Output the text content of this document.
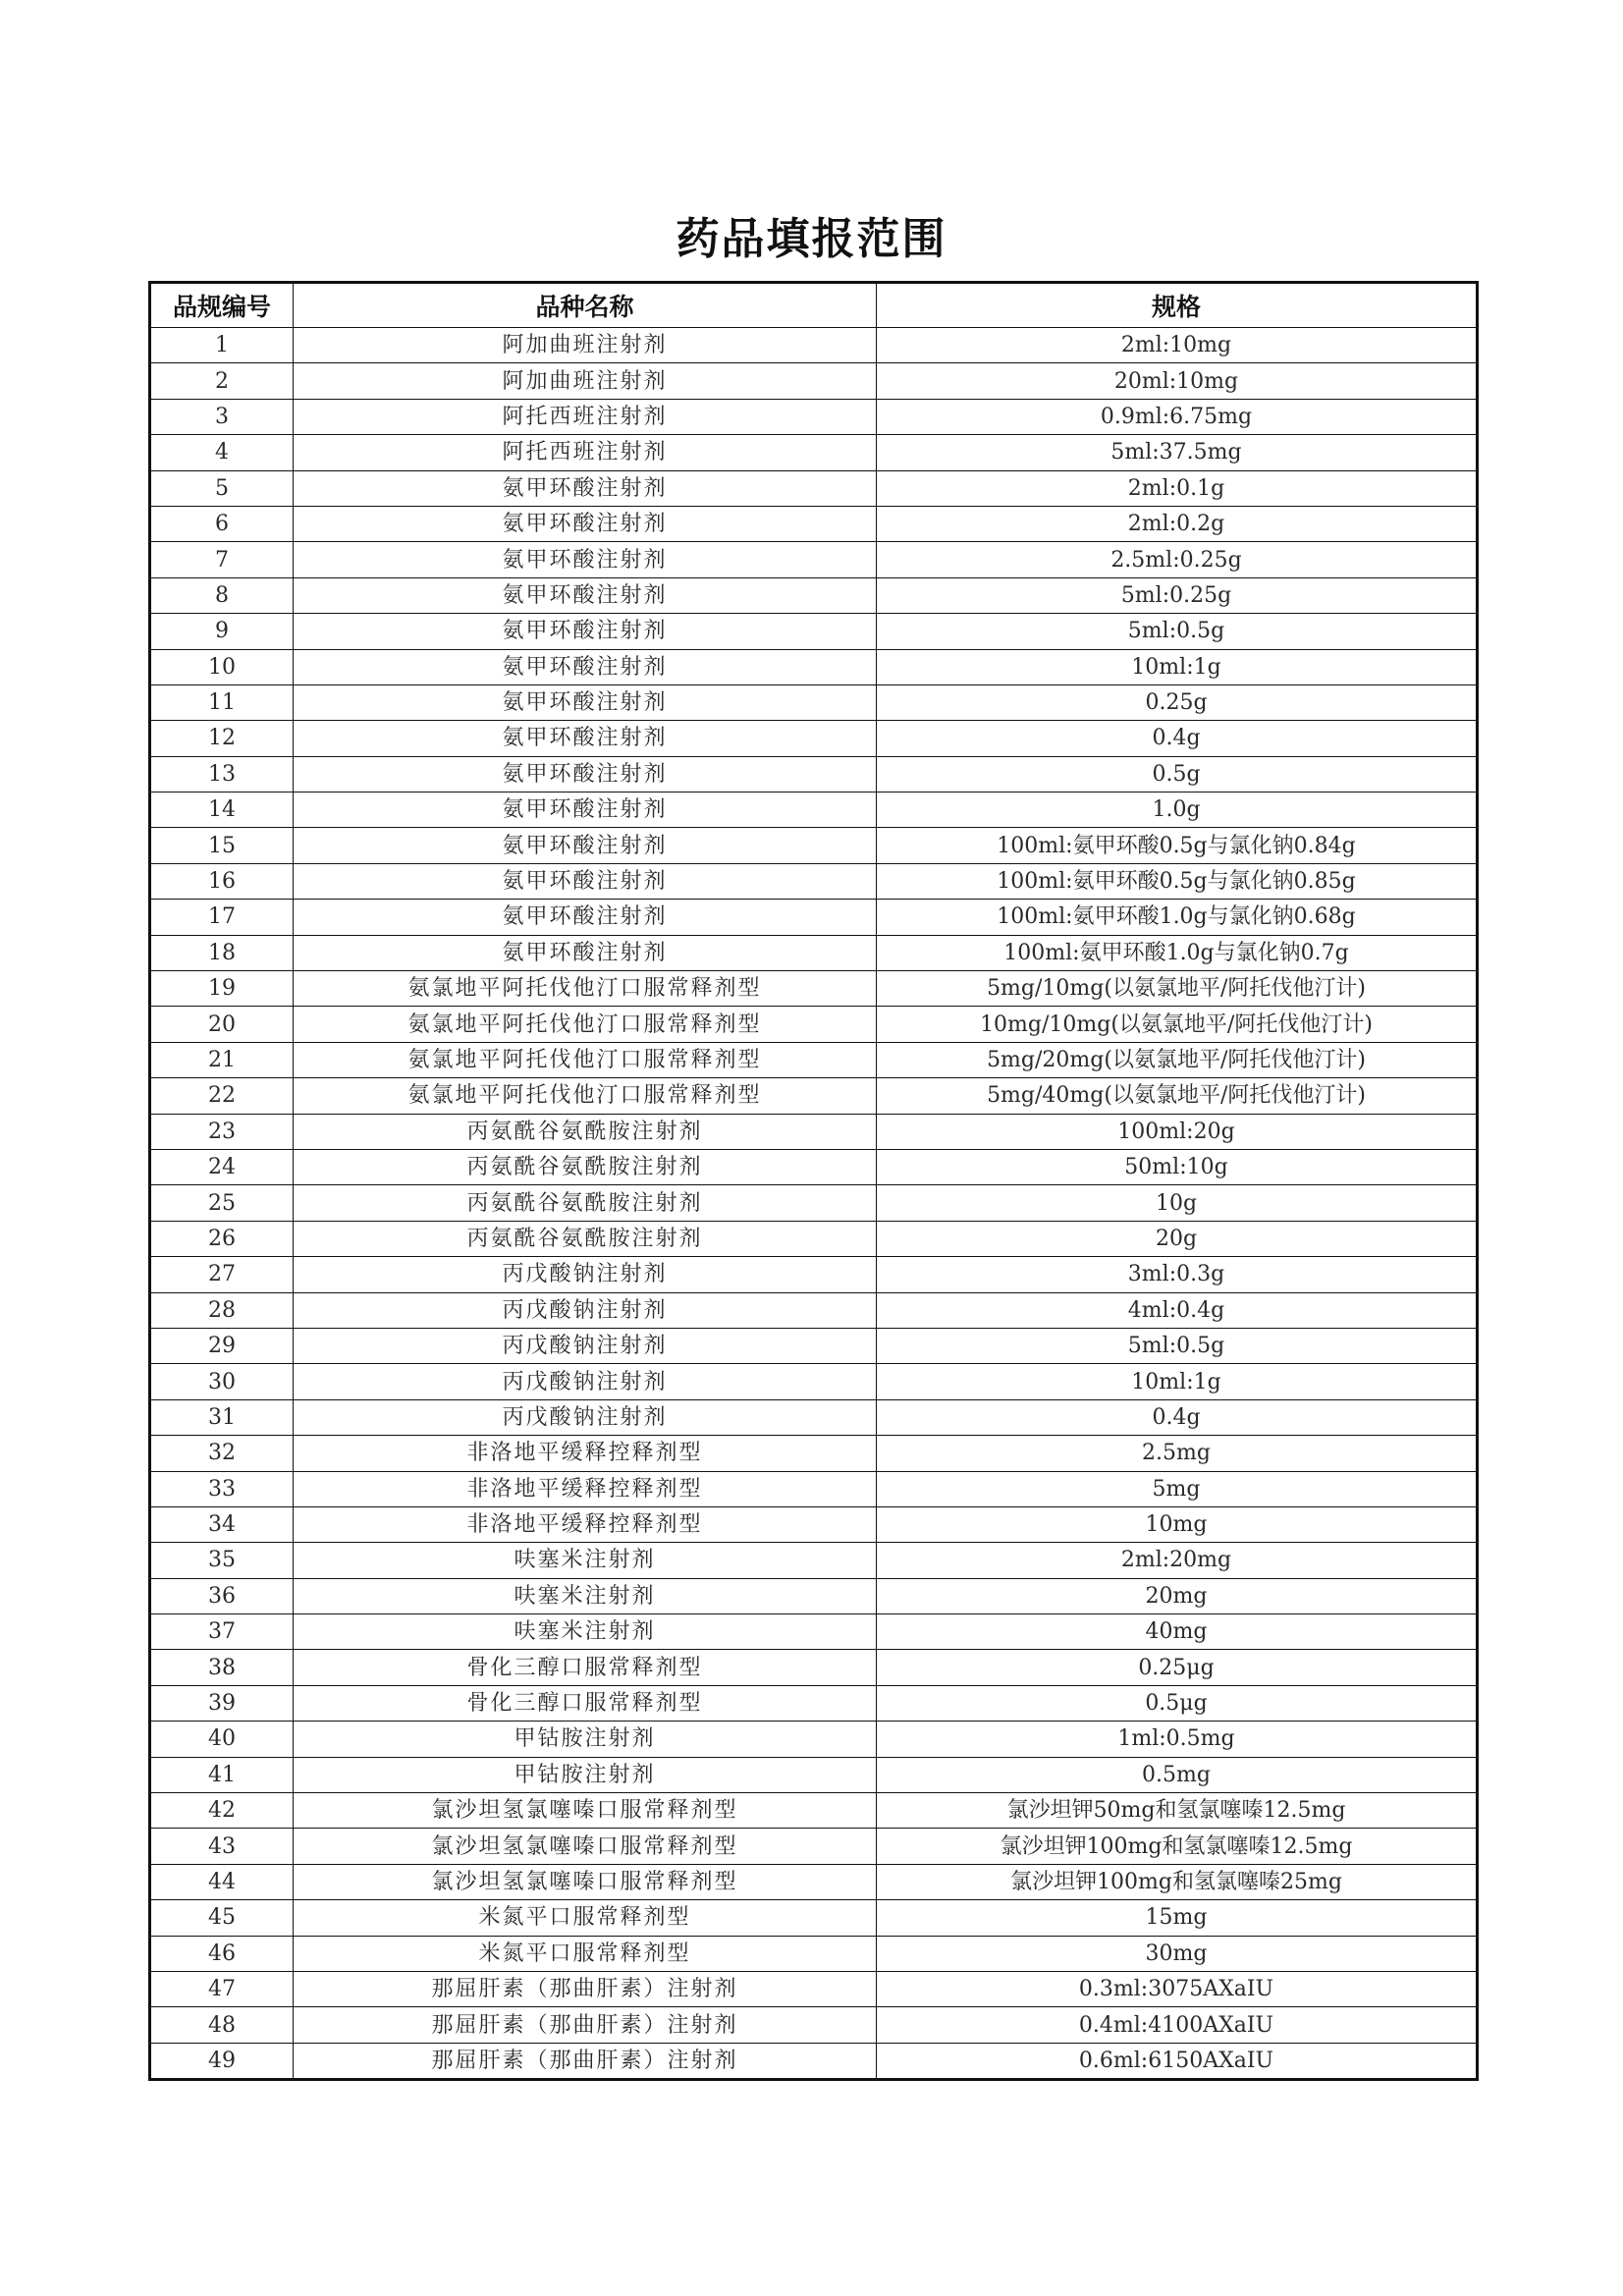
药品填报范围
品规编号	品种名称	规格
1	阿加曲班注射剂	2ml:10mg
2	阿加曲班注射剂	20ml:10mg
3	阿托西班注射剂	0.9ml:6.75mg
4	阿托西班注射剂	5ml:37.5mg
5	氨甲环酸注射剂	2ml:0.1g
6	氨甲环酸注射剂	2ml:0.2g
7	氨甲环酸注射剂	2.5ml:0.25g
8	氨甲环酸注射剂	5ml:0.25g
9	氨甲环酸注射剂	5ml:0.5g
10	氨甲环酸注射剂	10ml:1g
11	氨甲环酸注射剂	0.25g
12	氨甲环酸注射剂	0.4g
13	氨甲环酸注射剂	0.5g
14	氨甲环酸注射剂	1.0g
15	氨甲环酸注射剂	100ml:氨甲环酸0.5g与氯化钠0.84g
16	氨甲环酸注射剂	100ml:氨甲环酸0.5g与氯化钠0.85g
17	氨甲环酸注射剂	100ml:氨甲环酸1.0g与氯化钠0.68g
18	氨甲环酸注射剂	100ml:氨甲环酸1.0g与氯化钠0.7g
19	氨氯地平阿托伐他汀口服常释剂型	5mg/10mg(以氨氯地平/阿托伐他汀计)
20	氨氯地平阿托伐他汀口服常释剂型	10mg/10mg(以氨氯地平/阿托伐他汀计)
21	氨氯地平阿托伐他汀口服常释剂型	5mg/20mg(以氨氯地平/阿托伐他汀计)
22	氨氯地平阿托伐他汀口服常释剂型	5mg/40mg(以氨氯地平/阿托伐他汀计)
23	丙氨酰谷氨酰胺注射剂	100ml:20g
24	丙氨酰谷氨酰胺注射剂	50ml:10g
25	丙氨酰谷氨酰胺注射剂	10g
26	丙氨酰谷氨酰胺注射剂	20g
27	丙戊酸钠注射剂	3ml:0.3g
28	丙戊酸钠注射剂	4ml:0.4g
29	丙戊酸钠注射剂	5ml:0.5g
30	丙戊酸钠注射剂	10ml:1g
31	丙戊酸钠注射剂	0.4g
32	非洛地平缓释控释剂型	2.5mg
33	非洛地平缓释控释剂型	5mg
34	非洛地平缓释控释剂型	10mg
35	呋塞米注射剂	2ml:20mg
36	呋塞米注射剂	20mg
37	呋塞米注射剂	40mg
38	骨化三醇口服常释剂型	0.25μg
39	骨化三醇口服常释剂型	0.5μg
40	甲钴胺注射剂	1ml:0.5mg
41	甲钴胺注射剂	0.5mg
42	氯沙坦氢氯噻嗪口服常释剂型	氯沙坦钾50mg和氢氯噻嗪12.5mg
43	氯沙坦氢氯噻嗪口服常释剂型	氯沙坦钾100mg和氢氯噻嗪12.5mg
44	氯沙坦氢氯噻嗪口服常释剂型	氯沙坦钾100mg和氢氯噻嗪25mg
45	米氮平口服常释剂型	15mg
46	米氮平口服常释剂型	30mg
47	那屈肝素（那曲肝素）注射剂	0.3ml:3075AXaIU
48	那屈肝素（那曲肝素）注射剂	0.4ml:4100AXaIU
49	那屈肝素（那曲肝素）注射剂	0.6ml:6150AXaIU
